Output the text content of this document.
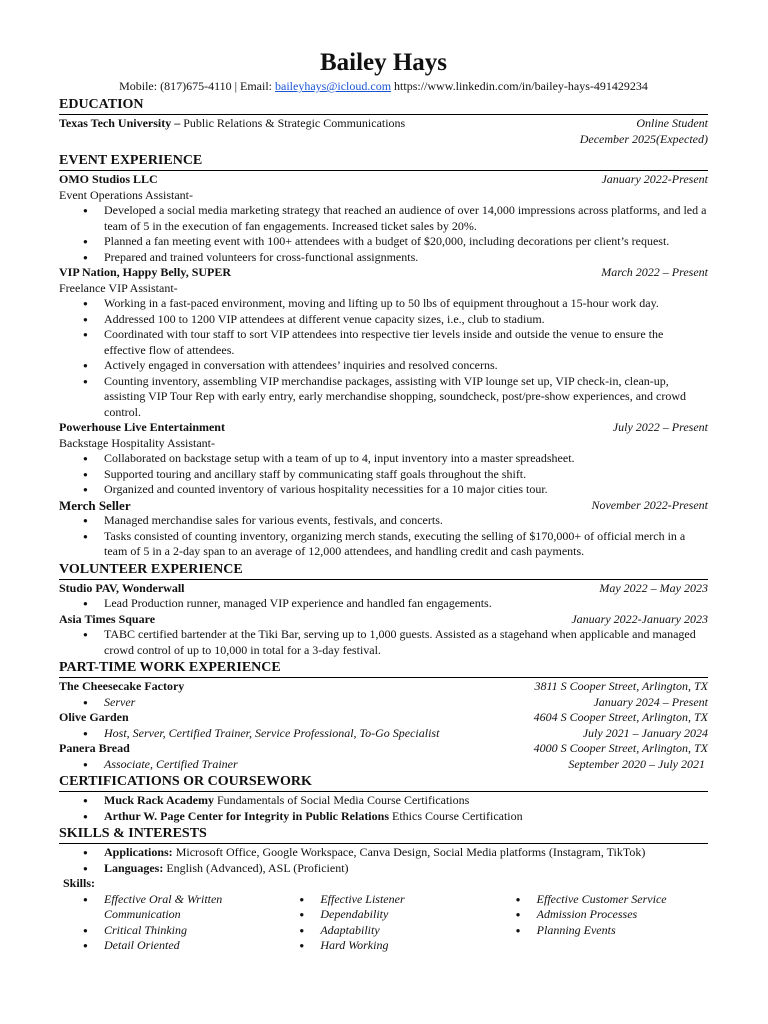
Bailey Hays
Mobile: (817)675-4110 | Email: baileyhays@icloud.com https://www.linkedin.com/in/bailey-hays-491429234
EDUCATION
Texas Tech University – Public Relations & Strategic Communications	Online Student
December 2025(Expected)
EVENT EXPERIENCE
OMO Studios LLC	January 2022-Present
Event Operations Assistant-
● Developed a social media marketing strategy that reached an audience of over 14,000 impressions across platforms, and led a team of 5 in the execution of fan engagements. Increased ticket sales by 20%.
● Planned a fan meeting event with 100+ attendees with a budget of $20,000, including decorations per client’s request.
● Prepared and trained volunteers for cross-functional assignments.
VIP Nation, Happy Belly, SUPER	March 2022 – Present
Freelance VIP Assistant-
● Working in a fast-paced environment, moving and lifting up to 50 lbs of equipment throughout a 15-hour work day.
● Addressed 100 to 1200 VIP attendees at different venue capacity sizes, i.e., club to stadium.
● Coordinated with tour staff to sort VIP attendees into respective tier levels inside and outside the venue to ensure the effective flow of attendees.
● Actively engaged in conversation with attendees’ inquiries and resolved concerns.
● Counting inventory, assembling VIP merchandise packages, assisting with VIP lounge set up, VIP check-in, clean-up, assisting VIP Tour Rep with early entry, early merchandise shopping, soundcheck, post/pre-show experiences, and crowd control.
Powerhouse Live Entertainment	July 2022 – Present
Backstage Hospitality Assistant-
● Collaborated on backstage setup with a team of up to 4, input inventory into a master spreadsheet.
● Supported touring and ancillary staff by communicating staff goals throughout the shift.
● Organized and counted inventory of various hospitality necessities for a 10 major cities tour.
Merch Seller	November 2022-Present
● Managed merchandise sales for various events, festivals, and concerts.
● Tasks consisted of counting inventory, organizing merch stands, executing the selling of $170,000+ of official merch in a team of 5 in a 2-day span to an average of 12,000 attendees, and handling credit and cash payments.
VOLUNTEER EXPERIENCE
Studio PAV, Wonderwall	May 2022 – May 2023
● Lead Production runner, managed VIP experience and handled fan engagements.
Asia Times Square	January 2022-January 2023
● TABC certified bartender at the Tiki Bar, serving up to 1,000 guests. Assisted as a stagehand when applicable and managed crowd control of up to 10,000 in total for a 3-day festival.
PART-TIME WORK EXPERIENCE
The Cheesecake Factory	3811 S Cooper Street, Arlington, TX
● Server	January 2024 – Present
Olive Garden	4604 S Cooper Street, Arlington, TX
● Host, Server, Certified Trainer, Service Professional, To-Go Specialist	July 2021 – January 2024
Panera Bread	4000 S Cooper Street, Arlington, TX
● Associate, Certified Trainer	September 2020 – July 2021
CERTIFICATIONS OR COURSEWORK
● Muck Rack Academy Fundamentals of Social Media Course Certifications
● Arthur W. Page Center for Integrity in Public Relations Ethics Course Certification
SKILLS & INTERESTS
● Applications: Microsoft Office, Google Workspace, Canva Design, Social Media platforms (Instagram, TikTok)
● Languages: English (Advanced), ASL (Proficient)
Skills:
● Effective Oral & Written Communication
● Critical Thinking
● Detail Oriented
● Effective Listener
● Dependability
● Adaptability
● Hard Working
● Effective Customer Service
● Admission Processes
● Planning Events
